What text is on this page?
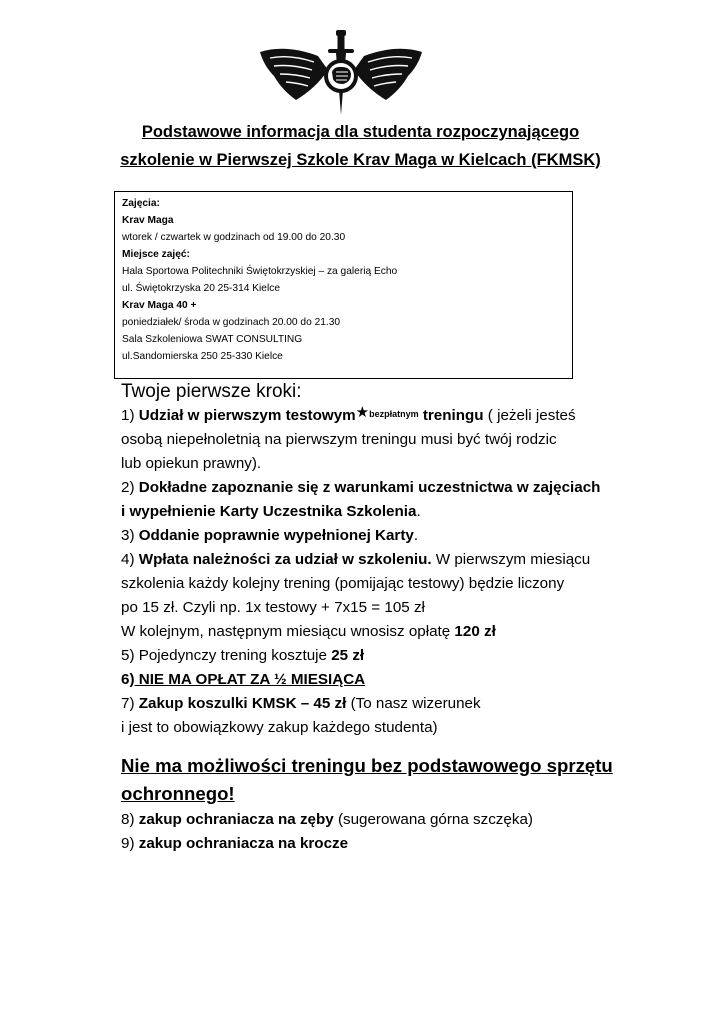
Podstawowe informacja dla studenta rozpoczynającego
szkolenie w Pierwszej Szkole Krav Maga w Kielcach (FKMSK)
Zajęcia:
Krav Maga
wtorek / czwartek w godzinach od 19.00 do 20.30
Miejsce zajęć:
Hala Sportowa Politechniki Świętokrzyskiej – za galerią Echo
ul. Świętokrzyska 20 25-314 Kielce
Krav Maga 40 +
poniedziałek/ środa w godzinach 20.00 do 21.30
Sala Szkoleniowa SWAT CONSULTING
ul.Sandomierska 250 25-330 Kielce
Twoje pierwsze kroki:
1) Udział w pierwszym testowym★$^{bezpłatnym}$ treningu ( jeżeli jesteś
osobą niepełnoletnią na pierwszym treningu musi być twój rodzic
lub opiekun prawny).
2) Dokładne zapoznanie się z warunkami uczestnictwa w zajęciach
i wypełnienie Karty Uczestnika Szkolenia.
3) Oddanie poprawnie wypełnionej Karty.
4) Wpłata należności za udział w szkoleniu. W pierwszym miesiącu
szkolenia każdy kolejny trening (pomijając testowy) będzie liczony
po 15 zł. Czyli np. 1x testowy + 7x15 = 105 zł
W kolejnym, następnym miesiącu wnosisz opłatę 120 zł
5) Pojedynczy trening kosztuje 25 zł
6) NIE MA OPŁAT ZA ½ MIESIĄCA
7) Zakup koszulki KMSK – 45 zł (To nasz wizerunek
i jest to obowiązkowy zakup każdego studenta)
Nie ma możliwości treningu bez podstawowego sprzętu ochronnego!
8) zakup ochraniacza na zęby (sugerowana górna szczęka)
9) zakup ochraniacza na krocze
